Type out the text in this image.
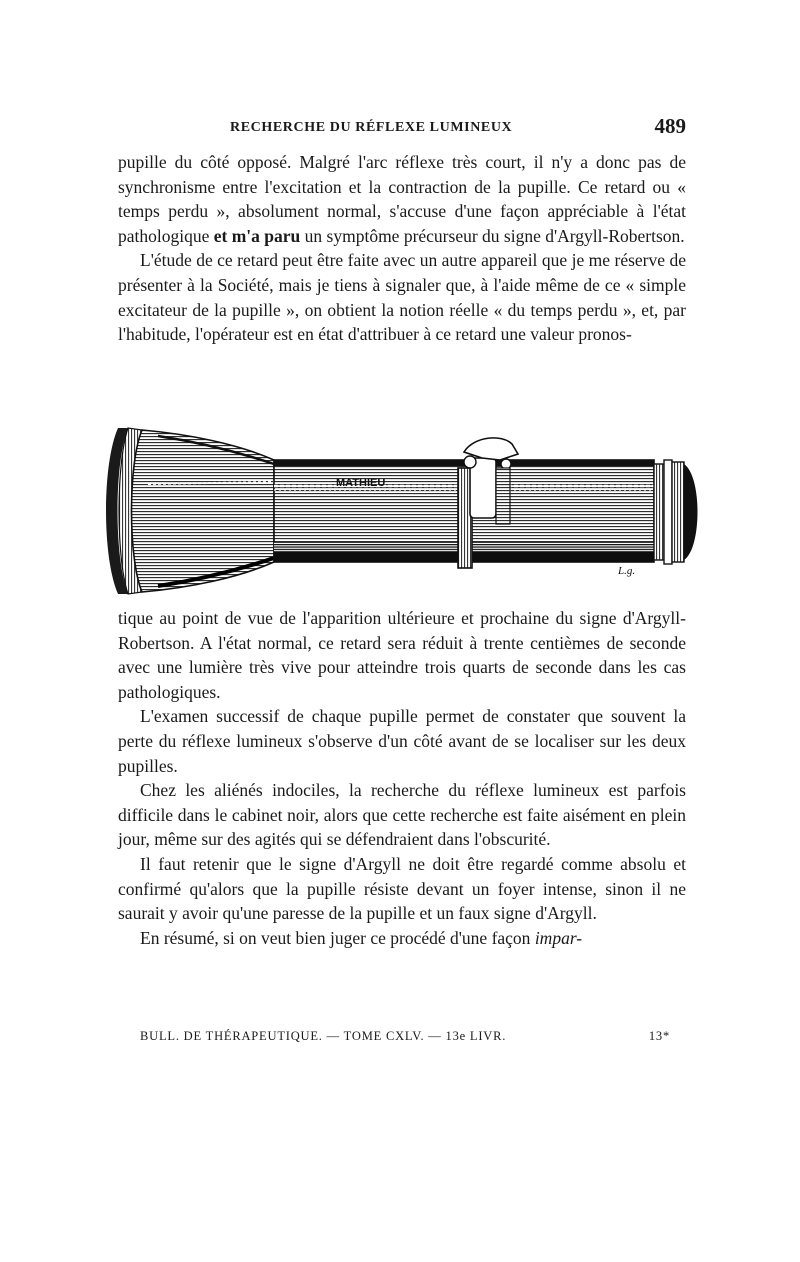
RECHERCHE DU RÉFLEXE LUMINEUX	489

pupille du côté opposé. Malgré l'arc réflexe très court, il n'y a donc pas de synchronisme entre l'excitation et la contraction de la pupille. Ce retard ou « temps perdu », absolument normal, s'accuse d'une façon appréciable à l'état pathologique et m'a paru un symptôme précurseur du signe d'Argyll-Robertson.

L'étude de ce retard peut être faite avec un autre appareil que je me réserve de présenter à la Société, mais je tiens à signaler que, à l'aide même de ce « simple excitateur de la pupille », on obtient la notion réelle « du temps perdu », et, par l'habitude, l'opérateur est en état d'attribuer à ce retard une valeur pronos-

MATHIEU
L.g.

tique au point de vue de l'apparition ultérieure et prochaine du signe d'Argyll-Robertson. A l'état normal, ce retard sera réduit à trente centièmes de seconde avec une lumière très vive pour atteindre trois quarts de seconde dans les cas pathologiques.

L'examen successif de chaque pupille permet de constater que souvent la perte du réflexe lumineux s'observe d'un côté avant de se localiser sur les deux pupilles.

Chez les aliénés indociles, la recherche du réflexe lumineux est parfois difficile dans le cabinet noir, alors que cette recherche est faite aisément en plein jour, même sur des agités qui se défendraient dans l'obscurité.

Il faut retenir que le signe d'Argyll ne doit être regardé comme absolu et confirmé qu'alors que la pupille résiste devant un foyer intense, sinon il ne saurait y avoir qu'une paresse de la pupille et un faux signe d'Argyll.

En résumé, si on veut bien juger ce procédé d'une façon impar-

BULL. DE THÉRAPEUTIQUE. — TOME CXLV. — 13e LIVR.	13*
